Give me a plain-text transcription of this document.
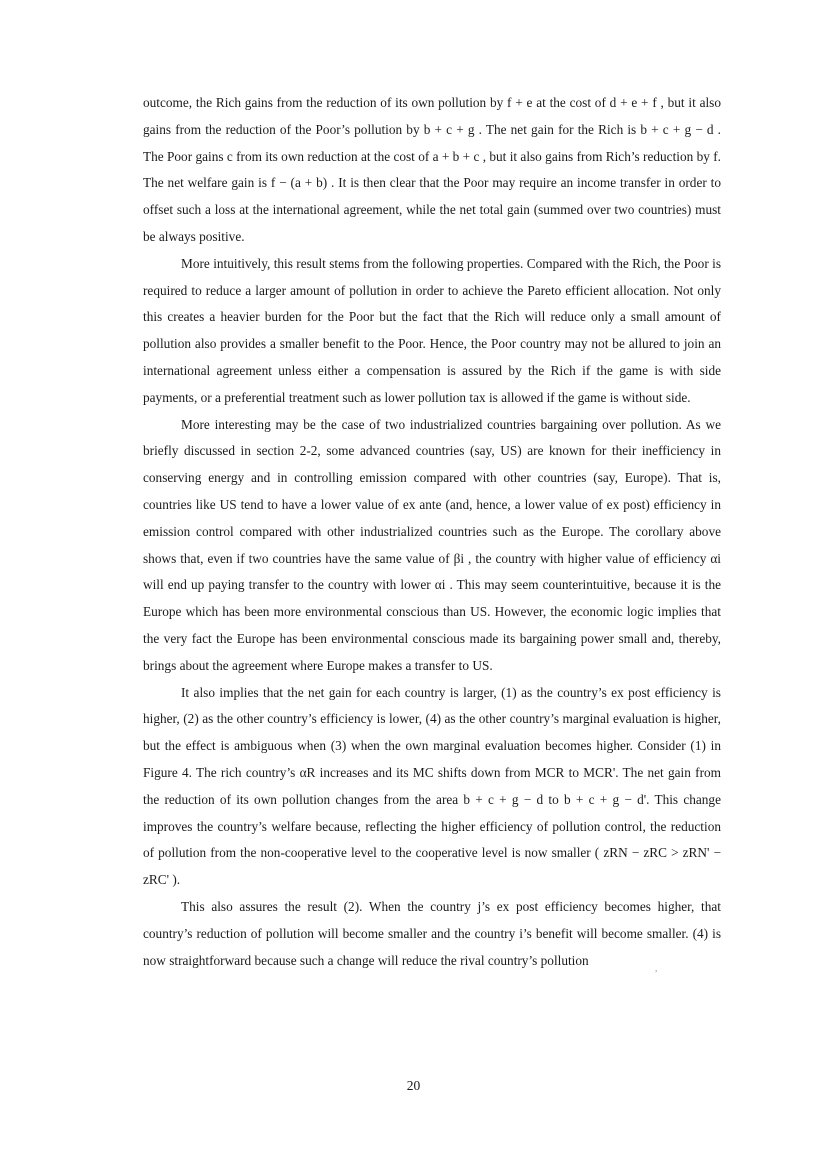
outcome, the Rich gains from the reduction of its own pollution by f + e at the cost of d + e + f , but it also gains from the reduction of the Poor’s pollution by b + c + g . The net gain for the Rich is b + c + g − d . The Poor gains c from its own reduction at the cost of a + b + c , but it also gains from Rich’s reduction by f. The net welfare gain is f − (a + b) . It is then clear that the Poor may require an income transfer in order to offset such a loss at the international agreement, while the net total gain (summed over two countries) must be always positive.

More intuitively, this result stems from the following properties. Compared with the Rich, the Poor is required to reduce a larger amount of pollution in order to achieve the Pareto efficient allocation. Not only this creates a heavier burden for the Poor but the fact that the Rich will reduce only a small amount of pollution also provides a smaller benefit to the Poor. Hence, the Poor country may not be allured to join an international agreement unless either a compensation is assured by the Rich if the game is with side payments, or a preferential treatment such as lower pollution tax is allowed if the game is without side.

More interesting may be the case of two industrialized countries bargaining over pollution. As we briefly discussed in section 2-2, some advanced countries (say, US) are known for their inefficiency in conserving energy and in controlling emission compared with other countries (say, Europe). That is, countries like US tend to have a lower value of ex ante (and, hence, a lower value of ex post) efficiency in emission control compared with other industrialized countries such as the Europe. The corollary above shows that, even if two countries have the same value of βi , the country with higher value of efficiency αi will end up paying transfer to the country with lower αi . This may seem counterintuitive, because it is the Europe which has been more environmental conscious than US. However, the economic logic implies that the very fact the Europe has been environmental conscious made its bargaining power small and, thereby, brings about the agreement where Europe makes a transfer to US.

It also implies that the net gain for each country is larger, (1) as the country’s ex post efficiency is higher, (2) as the other country’s efficiency is lower, (4) as the other country’s marginal evaluation is higher, but the effect is ambiguous when (3) when the own marginal evaluation becomes higher. Consider (1) in Figure 4. The rich country’s αR increases and its MC shifts down from MCR to MCR'. The net gain from the reduction of its own pollution changes from the area b + c + g − d to b + c + g − d'. This change improves the country’s welfare because, reflecting the higher efficiency of pollution control, the reduction of pollution from the non-cooperative level to the cooperative level is now smaller ( zRN − zRC > zRN' − zRC' ).

This also assures the result (2). When the country j’s ex post efficiency becomes higher, that country’s reduction of pollution will become smaller and the country i’s benefit will become smaller. (4) is now straightforward because such a change will reduce the rival country’s pollution

,
20
